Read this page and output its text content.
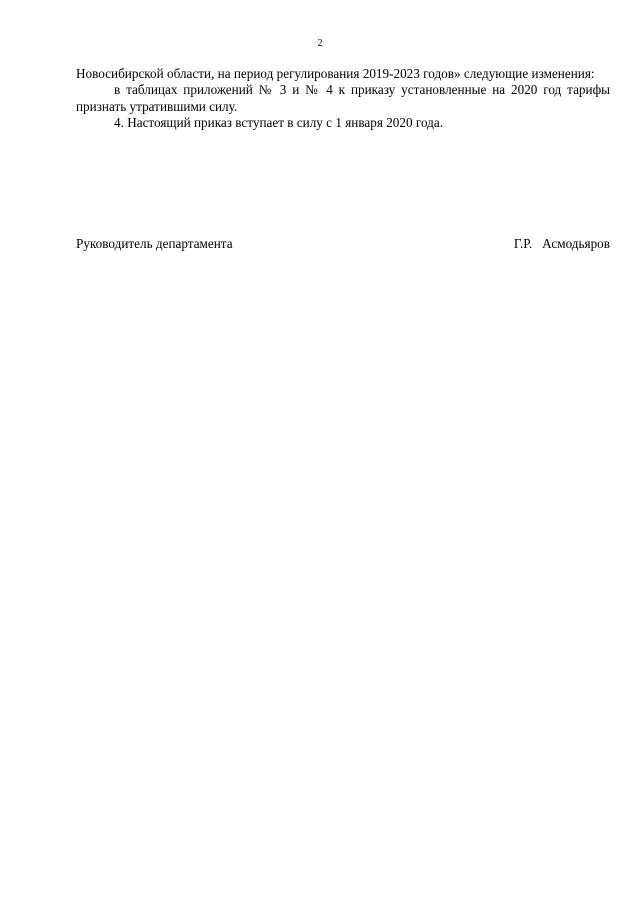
2

Новосибирской области, на период регулирования 2019-2023 годов» следующие изменения:

в таблицах приложений № 3 и № 4 к приказу установленные на 2020 год тарифы признать утратившими силу.

4. Настоящий приказ вступает в силу с 1 января 2020 года.

Руководитель департамента	Г.Р.   Асмодьяров
